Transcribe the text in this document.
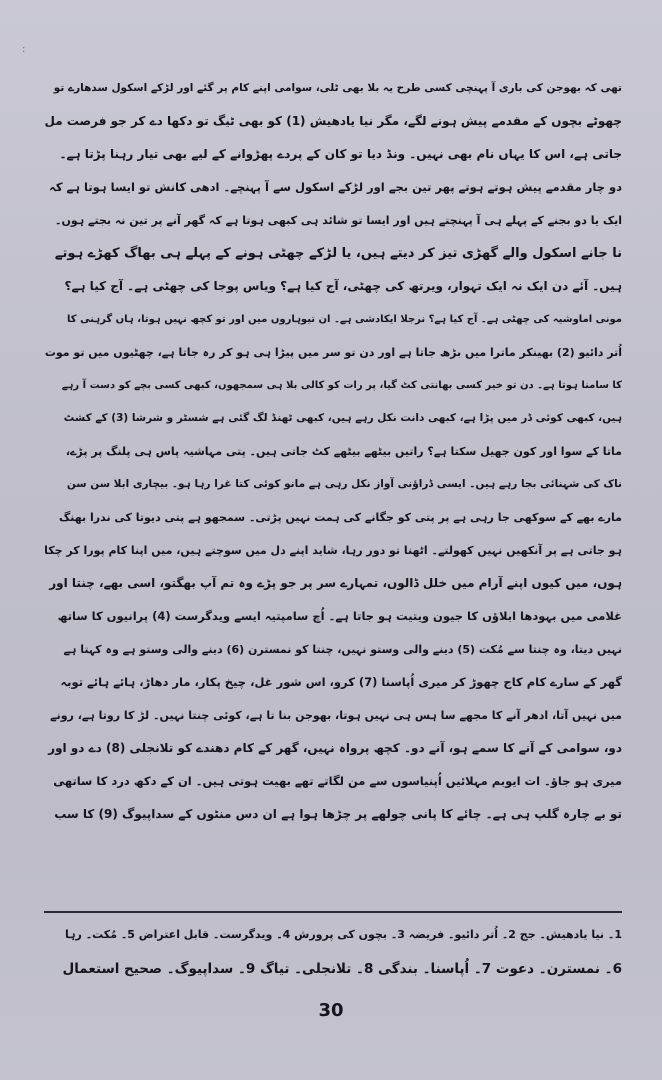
:
تھی کہ بھوجن کی باری آ پہنچی کسی طرح یہ بلا بھی ٹلی، سوامی اپنے کام پر گئے اور لڑکے اسکول سدھارے تو
چھوٹے بچوں کے مقدمے پیش ہونے لگے، مگر نیا یادھیش (1) کو بھی ٹیگ تو دکھا دے کر جو فرصت مل
جاتی ہے، اس کا یہاں نام بھی نہیں۔ ونڈ دیا تو کان کے پردے پھڑوانے کے لیے بھی تیار رہنا پڑتا ہے۔
دو چار مقدمے پیش ہوتے ہوتے پھر تین بجے اور لڑکے اسکول سے آ پہنچے۔ ادھی کانش تو ایسا ہوتا ہے کہ
ایک یا دو بجنے کے پہلے ہی آ پہنچتے ہیں اور ایسا تو شائد ہی کبھی ہوتا ہے کہ گھر آنے پر تین نہ بجتے ہوں۔
نا جانے اسکول والے گھڑی تیز کر دیتے ہیں، یا لڑکے چھٹی ہونے کے پہلے ہی بھاگ کھڑے ہوتے
ہیں۔ آئے دن ایک نہ ایک تہوار، ویرتھ کی چھٹی، آج کیا ہے؟ ویاس پوجا کی چھٹی ہے۔ آج کیا ہے؟
مونی اماوشیہ کی چھٹی ہے۔ آج کیا ہے؟ نرجلا ایکادشی ہے۔ ان تیوہاروں میں اور تو کچھ نہیں ہوتا، ہاں گرہنی کا
اُتر دائیو (2) بھینکر ماترا میں بڑھ جاتا ہے اور دن تو سر میں پیڑا ہی ہو کر رہ جاتا ہے، چھٹیوں میں تو موت
کا سامنا ہوتا ہے۔ دن تو خیر کسی بھانتی کٹ گیا، پر رات کو کالی بلا ہی سمجھوں، کبھی کسی بچے کو دست آ رہے
ہیں، کبھی کوئی ڈر میں پڑا ہے، کبھی دانت نکل رہے ہیں، کبھی ٹھنڈ لگ گئی ہے شسٹر و شرشا (3) کے کشٹ
ماتا کے سوا اور کون جھیل سکتا ہے؟ راتیں بیٹھے بیٹھے کٹ جاتی ہیں۔ پتی مہاشیہ پاس ہی پلنگ پر پڑے،
ناک کی شہنائی بجا رہے ہیں۔ ایسی ڈراؤنی آواز نکل رہی ہے مانو کوئی کتا غرا رہا ہو۔ بیچاری ابلا سن سن
مارے بھے کے سوکھی جا رہی ہے پر پتی کو جگانے کی ہمت نہیں پڑتی۔ سمجھو ہے پتی دیوتا کی ندرا بھنگ
ہو جاتی ہے پر آنکھیں نہیں کھولتے۔ اٹھنا تو دور رہا، شاید اپنے دل میں سوچتے ہیں، میں اپنا کام پورا کر چکا
ہوں، میں کیوں اپنے آرام میں خلل ڈالوں، تمہارے سر پر جو پڑے وہ تم آپ بھگتو، اسی بھے، چنتا اور
غلامی میں بہودھا ابلاؤں کا جیون ویتیت ہو جاتا ہے۔ اُچ سامپتیہ ایسے ویدگرست (4) پرانیوں کا ساتھ
نہیں دیتا، وہ چنتا سے مُکت (5) دینے والی وستو نہیں، چنتا کو نمسترن (6) دینے والی وستو ہے وہ کہتا ہے
گھر کے سارے کام کاج چھوڑ کر میری اُپاسنا (7) کرو، اس شور غل، چیخ پکار، مار دھاڑ، ہائے ہائے توبہ
میں نہیں آتا، ادھر آنے کا مجھے سا ہس ہی نہیں ہوتا، بھوجن بنا تا ہے، کوئی چنتا نہیں۔ لڑ کا روتا ہے، رونے
دو، سوامی کے آنے کا سمے ہو، آنے دو۔ کچھ پرواہ نہیں، گھر کے کام دھندے کو تلانجلی (8) دے دو اور
میری ہو جاؤ۔ ات ایوبم مہلائیں اُپنیاسوں سے من لگاتے تھے بھیت ہوتی ہیں۔ ان کے دکھ درد کا ساتھی
تو بے چارہ گلپ ہی ہے۔ چائے کا پانی چولھے پر چڑھا ہوا ہے ان دس منٹوں کے سداپیوگ (9) کا سب
1۔ نیا یادھیش۔ جج 2۔ اُتر دائیو۔ فریضہ 3۔ بچوں کی پرورش 4۔ ویدگرست۔ قابل اعتراض 5۔ مُکت۔ رہا
6۔ نمسترن۔ دعوت 7۔ اُپاسنا۔ بندگی 8۔ تلانجلی۔ تیاگ 9۔ سداپیوگ۔ صحیح استعمال
30
